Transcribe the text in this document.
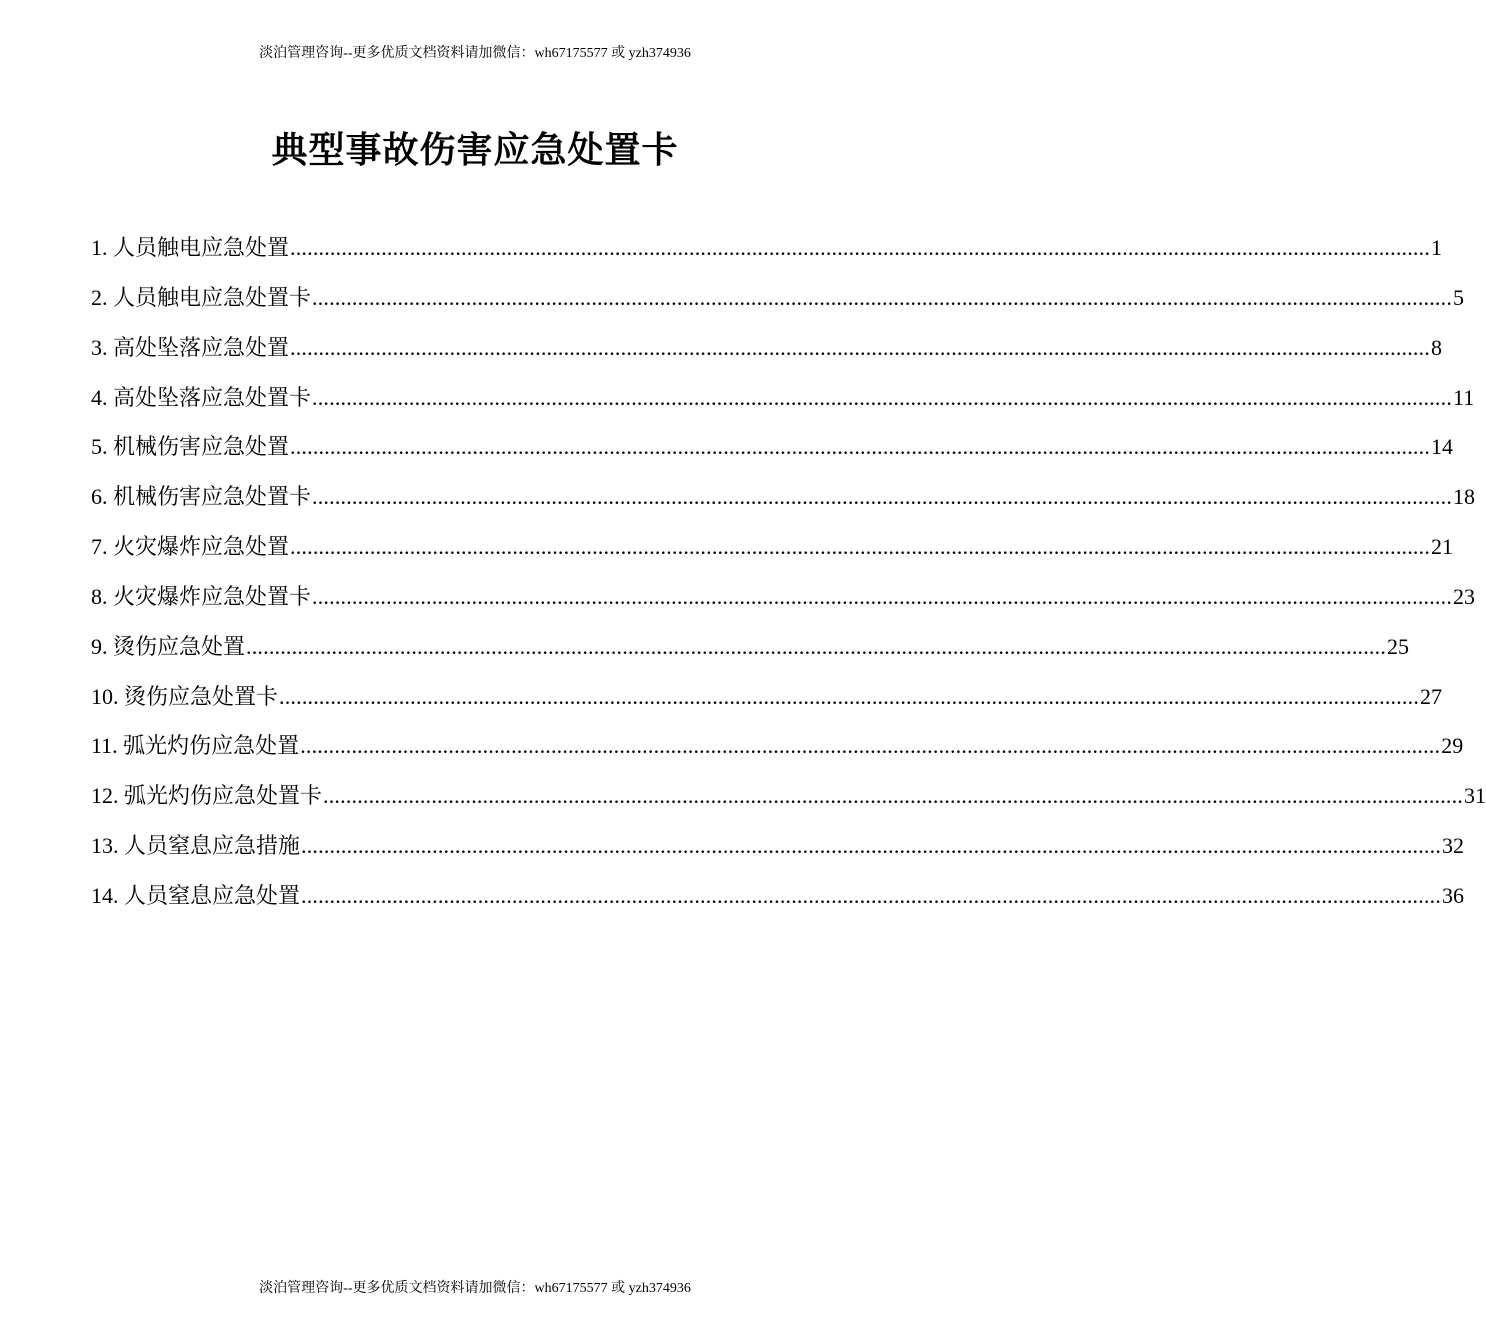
淡泊管理咨询--更多优质文档资料请加微信：wh67175577 或 yzh374936
典型事故伤害应急处置卡
1. 人员触电应急处置 ........................................................................................................................................................................................................ 1
2. 人员触电应急处置卡 ........................................................................................................................................................................................................ 5
3. 高处坠落应急处置 ........................................................................................................................................................................................................ 8
4. 高处坠落应急处置卡 ........................................................................................................................................................................................................ 11
5. 机械伤害应急处置 ........................................................................................................................................................................................................ 14
6. 机械伤害应急处置卡 ........................................................................................................................................................................................................ 18
7. 火灾爆炸应急处置 ........................................................................................................................................................................................................ 21
8. 火灾爆炸应急处置卡 ........................................................................................................................................................................................................ 23
9. 烫伤应急处置 ........................................................................................................................................................................................................ 25
10. 烫伤应急处置卡 ........................................................................................................................................................................................................ 27
11. 弧光灼伤应急处置 ........................................................................................................................................................................................................ 29
12. 弧光灼伤应急处置卡 ........................................................................................................................................................................................................ 31
13. 人员窒息应急措施 ........................................................................................................................................................................................................ 32
14. 人员窒息应急处置 ........................................................................................................................................................................................................ 36
淡泊管理咨询--更多优质文档资料请加微信：wh67175577 或 yzh374936
